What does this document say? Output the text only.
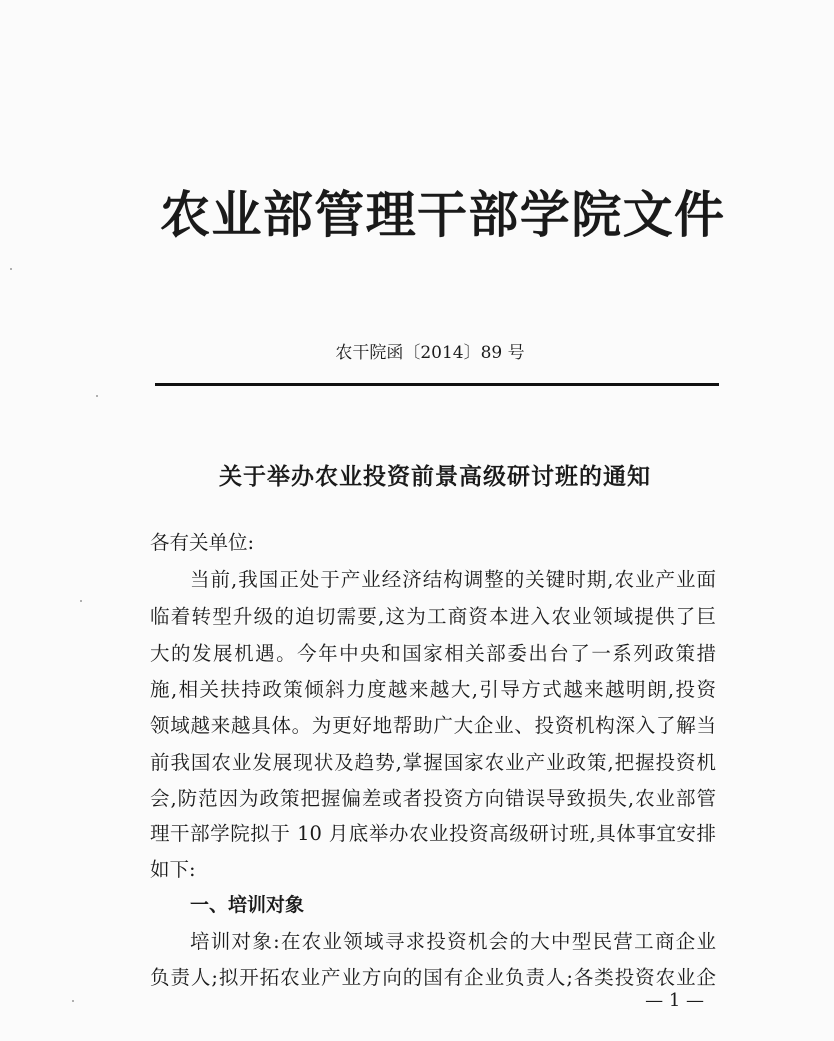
农业部管理干部学院文件
农干院函〔2014〕89 号
关于举办农业投资前景高级研讨班的通知
各有关单位:
当前,我国正处于产业经济结构调整的关键时期,农业产业面
临着转型升级的迫切需要,这为工商资本进入农业领域提供了巨
大的发展机遇。今年中央和国家相关部委出台了一系列政策措
施,相关扶持政策倾斜力度越来越大,引导方式越来越明朗,投资
领域越来越具体。为更好地帮助广大企业、投资机构深入了解当
前我国农业发展现状及趋势,掌握国家农业产业政策,把握投资机
会,防范因为政策把握偏差或者投资方向错误导致损失,农业部管
理干部学院拟于 10 月底举办农业投资高级研讨班,具体事宜安排
如下:
一、培训对象
培训对象:在农业领域寻求投资机会的大中型民营工商企业
负责人;拟开拓农业产业方向的国有企业负责人;各类投资农业企
— 1 —
